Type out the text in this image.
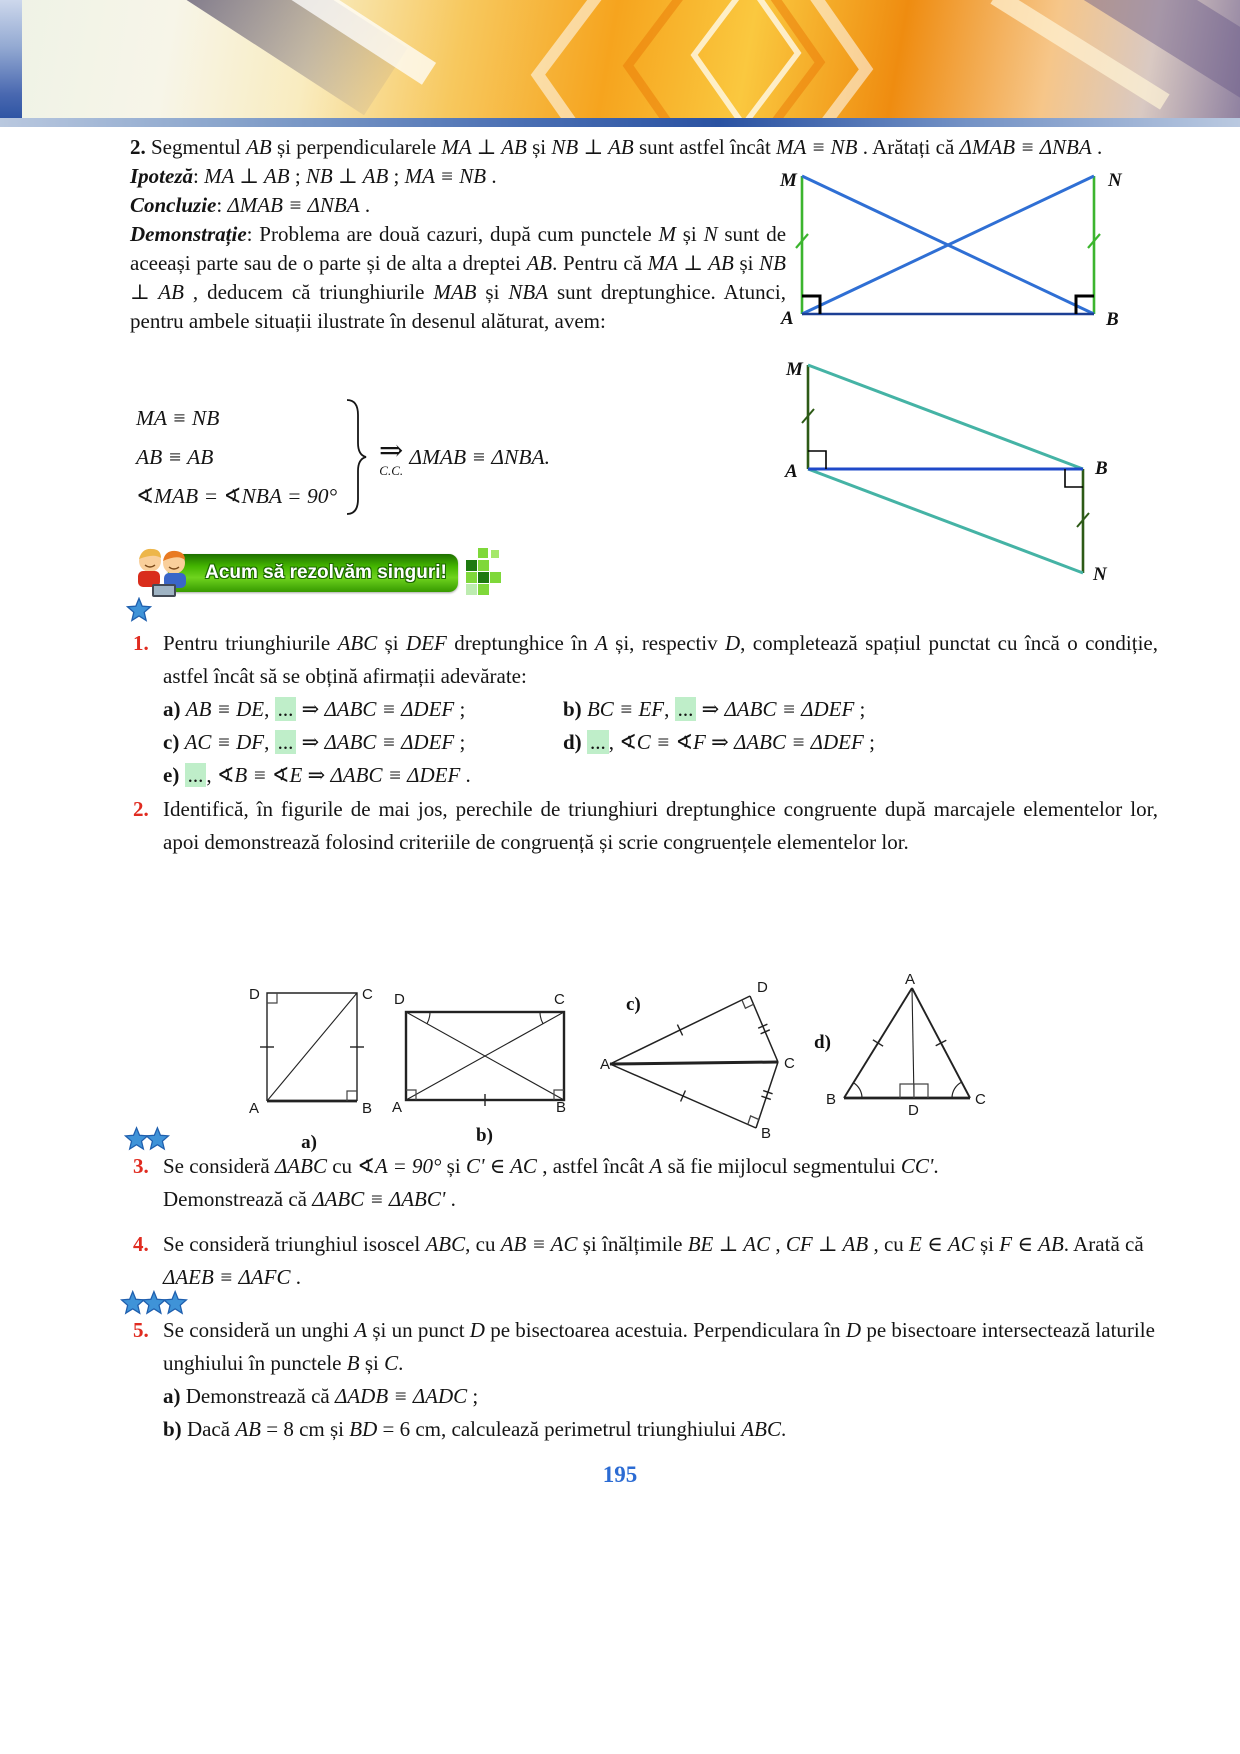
2. Segmentul AB și perpendicularele MA ⊥ AB și NB ⊥ AB sunt astfel încât MA ≡ NB . Arătați că ΔMAB ≡ ΔNBA .

Ipoteză: MA ⊥ AB ; NB ⊥ AB ; MA ≡ NB .

Concluzie: ΔMAB ≡ ΔNBA .

Demonstrație: Problema are două cazuri, după cum punctele M și N sunt de aceeași parte sau de o parte și de alta a dreptei AB. Pentru că MA ⊥ AB și NB ⊥ AB , deducem că triunghiurile MAB și NBA sunt dreptunghice. Atunci, pentru ambele situații ilustrate în desenul alăturat, avem:

MA ≡ NB
AB ≡ AB
∢MAB = ∢NBA = 90°
⇒
C.C.
ΔMAB ≡ ΔNBA.
M	N
A	B

M
A	B
N
Acum să rezolvăm singuri!
1. Pentru triunghiurile ABC și DEF dreptunghice în A și, respectiv D, completează spațiul punctat cu încă o condiție, astfel încât să se obțină afirmații adevărate:

a) AB ≡ DE, ... ⇒ ΔABC ≡ ΔDEF ;	b) BC ≡ EF, ... ⇒ ΔABC ≡ ΔDEF ;
c) AC ≡ DF, ... ⇒ ΔABC ≡ ΔDEF ;	d) ... , ∢C ≡ ∢F ⇒ ΔABC ≡ ΔDEF ;
e) ... , ∢B ≡ ∢E ⇒ ΔABC ≡ ΔDEF .
2. Identifică, în figurile de mai jos, perechile de triunghiuri dreptunghice congruente după marcajele elementelor lor, apoi demonstrează folosind criteriile de congruență și scrie congruențele elementelor lor.

D	C
A	B
a)
D	C
A	B
b)
c)
A	C
D
B
d)
A
B	C
D
3. Se consideră ΔABC cu ∢A = 90° și C' ∈ AC , astfel încât A să fie mijlocul segmentului CC'.

Demonstrează că ΔABC ≡ ΔABC' .

4. Se consideră triunghiul isoscel ABC, cu AB ≡ AC și înălțimile BE ⊥ AC , CF ⊥ AB , cu E ∈ AC și F ∈ AB. Arată că ΔAEB ≡ ΔAFC .

5. Se consideră un unghi A și un punct D pe bisectoarea acestuia. Perpendiculara în D pe bisectoare intersectează laturile unghiului în punctele B și C.

a) Demonstrează că ΔADB ≡ ΔADC ;

b) Dacă AB = 8 cm și BD = 6 cm, calculează perimetrul triunghiului ABC.

195
